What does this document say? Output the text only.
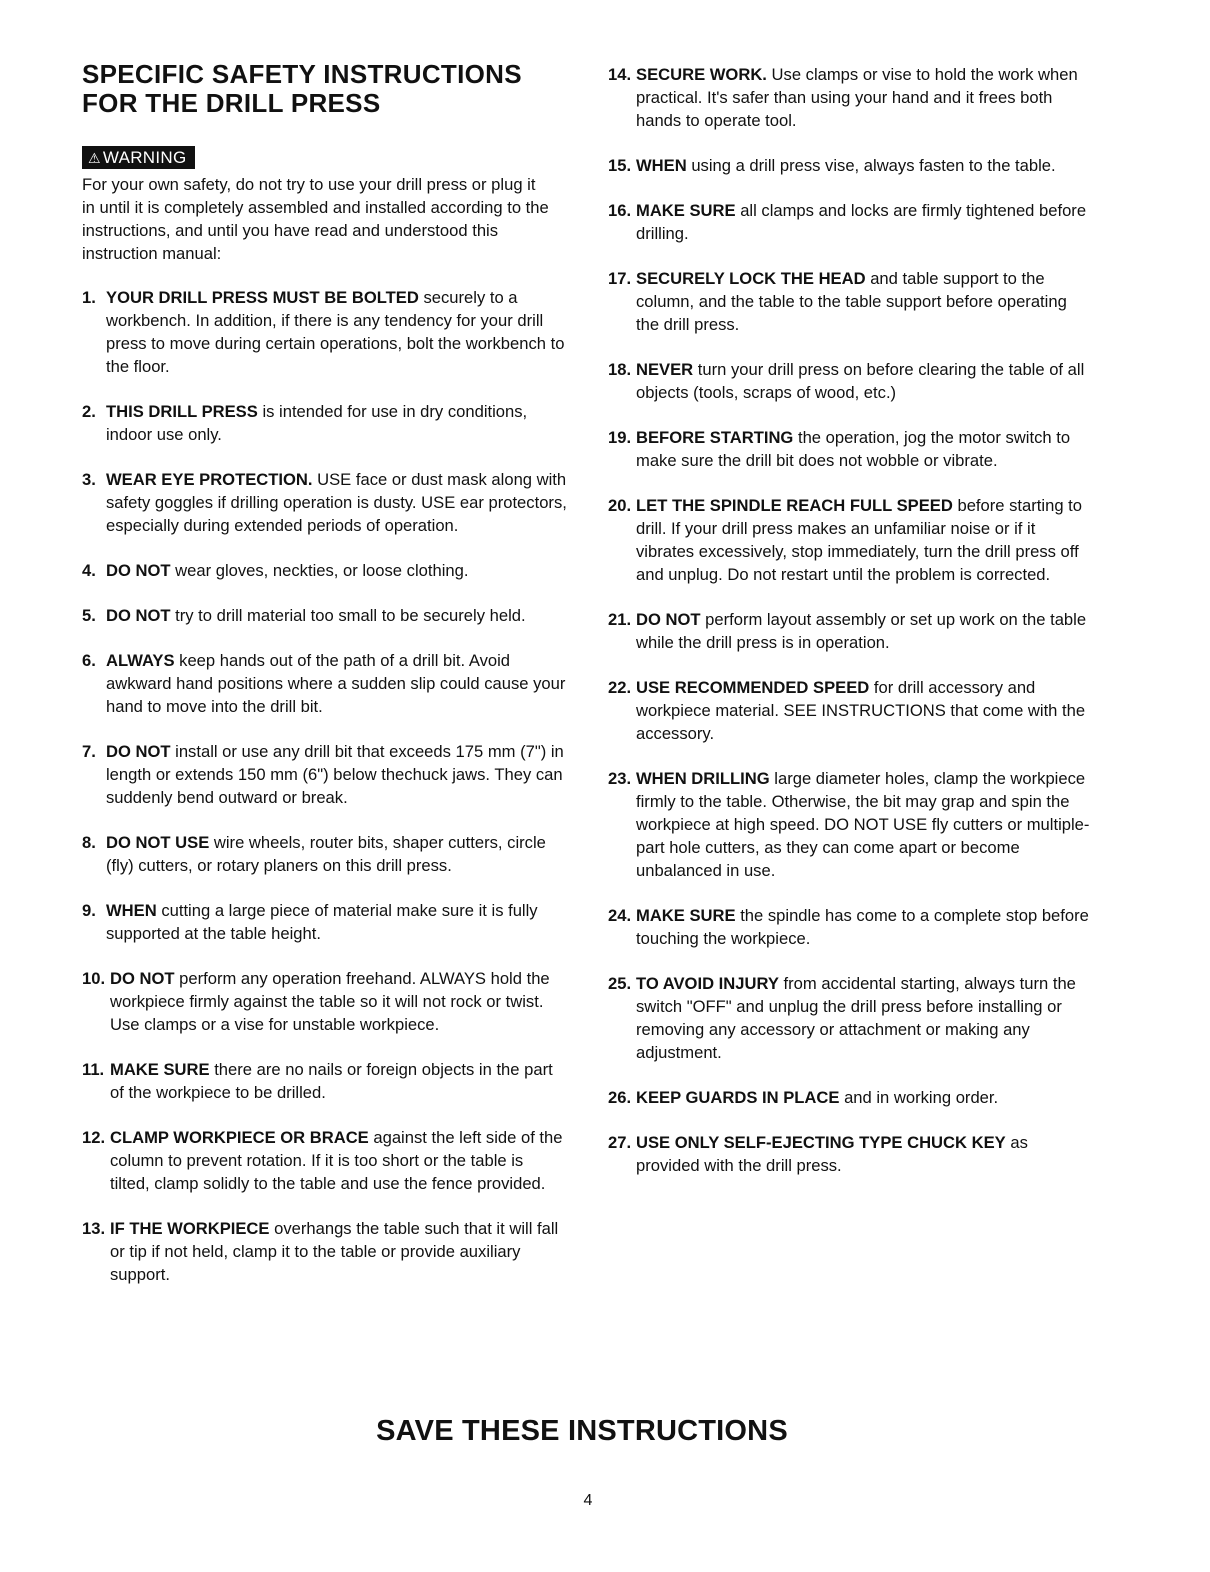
SPECIFIC SAFETY INSTRUCTIONS
FOR THE DRILL PRESS
⚠ WARNING

For your own safety, do not try to use your drill press or plug it in until it is completely assembled and installed according to the instructions, and until you have read and understood this instruction manual:

1. YOUR DRILL PRESS MUST BE BOLTED securely to a workbench. In addition, if there is any tendency for your drill press to move during certain operations, bolt the workbench to the floor.
2. THIS DRILL PRESS is intended for use in dry conditions, indoor use only.
3. WEAR EYE PROTECTION. USE face or dust mask along with safety goggles if drilling operation is dusty. USE ear protectors, especially during extended periods of operation.
4. DO NOT wear gloves, neckties, or loose clothing.
5. DO NOT try to drill material too small to be securely held.
6. ALWAYS keep hands out of the path of a drill bit. Avoid awkward hand positions where a sudden slip could cause your hand to move into the drill bit.
7. DO NOT install or use any drill bit that exceeds 175 mm (7") in length or extends 150 mm (6") below thechuck jaws. They can suddenly bend outward or break.
8. DO NOT USE wire wheels, router bits, shaper cutters, circle (fly) cutters, or rotary planers on this drill press.
9. WHEN cutting a large piece of material make sure it is fully supported at the table height.
10. DO NOT perform any operation freehand. ALWAYS hold the workpiece firmly against the table so it will not rock or twist. Use clamps or a vise for unstable workpiece.
11. MAKE SURE there are no nails or foreign objects in the part of the workpiece to be drilled.
12. CLAMP WORKPIECE OR BRACE against the left side of the column to prevent rotation. If it is too short or the table is tilted, clamp solidly to the table and use the fence provided.
13. IF THE WORKPIECE overhangs the table such that it will fall or tip if not held, clamp it to the table or provide auxiliary support.
14. SECURE WORK. Use clamps or vise to hold the work when practical. It's safer than using your hand and it frees both hands to operate tool.
15. WHEN using a drill press vise, always fasten to the table.
16. MAKE SURE all clamps and locks are firmly tightened before drilling.
17. SECURELY LOCK THE HEAD and table support to the column, and the table to the table support before operating the drill press.
18. NEVER turn your drill press on before clearing the table of all objects (tools, scraps of wood, etc.)
19. BEFORE STARTING the operation, jog the motor switch to make sure the drill bit does not wobble or vibrate.
20. LET THE SPINDLE REACH FULL SPEED before starting to drill. If your drill press makes an unfamiliar noise or if it vibrates excessively, stop immediately, turn the drill press off and unplug. Do not restart until the problem is corrected.
21. DO NOT perform layout assembly or set up work on the table while the drill press is in operation.
22. USE RECOMMENDED SPEED for drill accessory and workpiece material. SEE INSTRUCTIONS that come with the accessory.
23. WHEN DRILLING large diameter holes, clamp the workpiece firmly to the table. Otherwise, the bit may grap and spin the workpiece at high speed. DO NOT USE fly cutters or multiple-part hole cutters, as they can come apart or become unbalanced in use.
24. MAKE SURE the spindle has come to a complete stop before touching the workpiece.
25. TO AVOID INJURY from accidental starting, always turn the switch "OFF" and unplug the drill press before installing or removing any accessory or attachment or making any adjustment.
26. KEEP GUARDS IN PLACE and in working order.
27. USE ONLY SELF-EJECTING TYPE CHUCK KEY as provided with the drill press.
SAVE THESE INSTRUCTIONS
4
